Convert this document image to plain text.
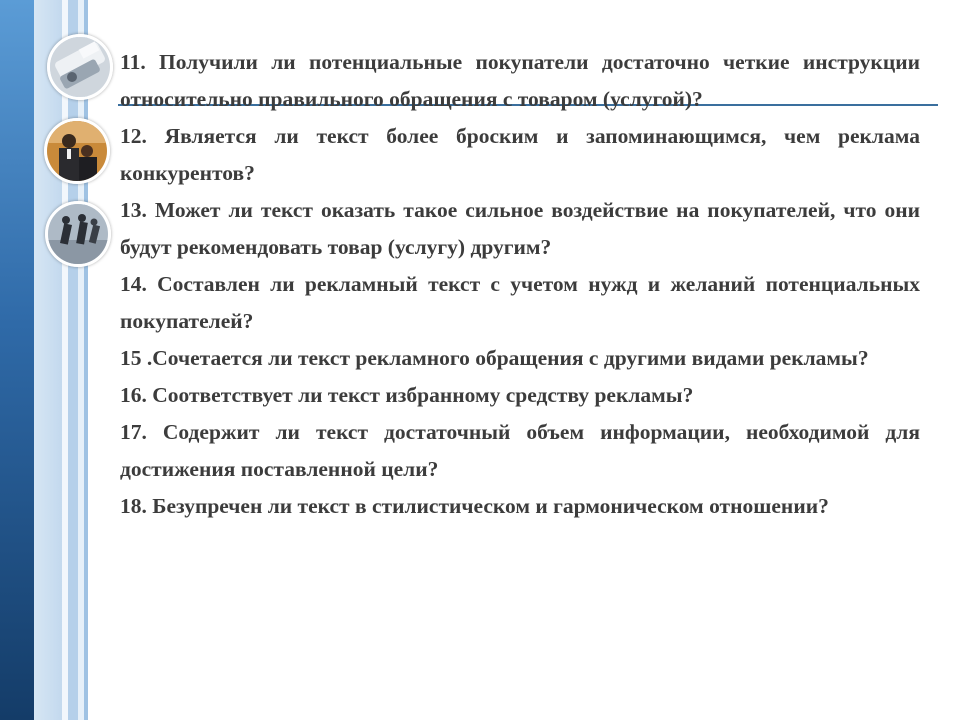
11. Получили ли потенциальные покупатели достаточно четкие инструкции относительно правильного обращения с товаром (услугой)?

12. Является ли текст более броским и запоминающимся, чем реклама конкурентов?

13. Может ли текст оказать такое сильное воздействие на покупателей, что они будут рекомендовать товар (услугу) другим?

14. Составлен ли рекламный текст с учетом нужд и желаний потенциальных покупателей?

15 .Сочетается ли текст рекламного обращения с другими видами рекламы?

16. Соответствует ли текст избранному средству рекламы?

17. Содержит ли текст достаточный объем информации, необходимой для достижения поставленной цели?

18. Безупречен ли текст в стилистическом и гармоническом отношении?
